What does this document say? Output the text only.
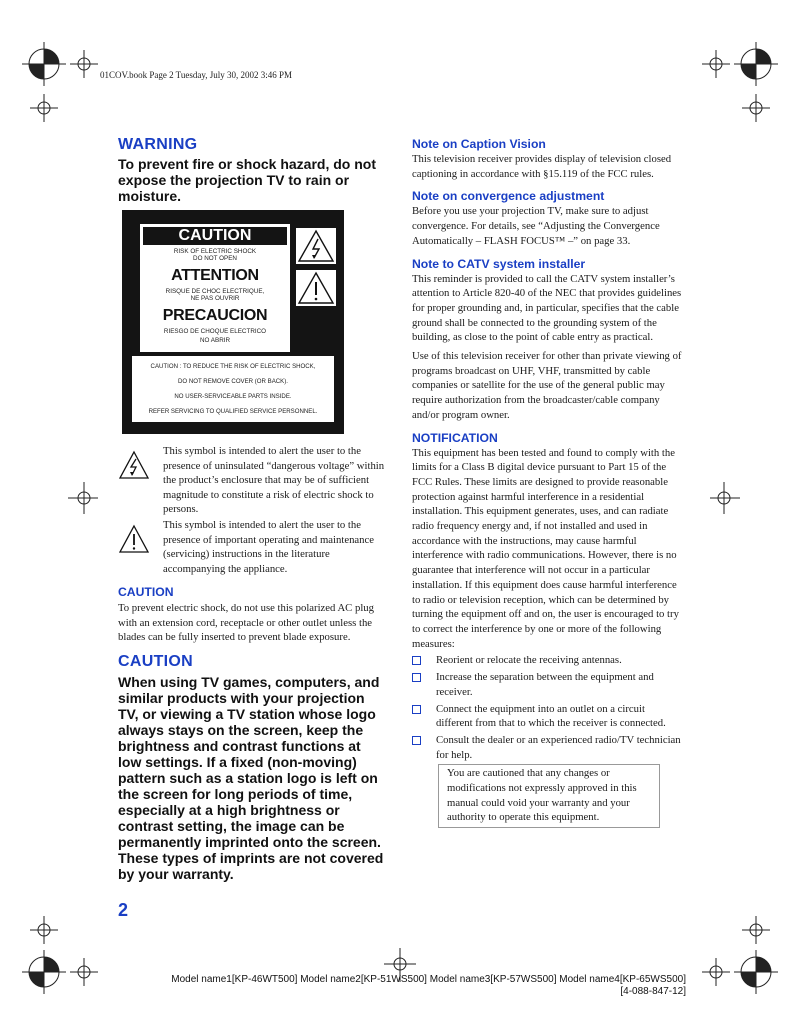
01COV.book Page 2 Tuesday, July 30, 2002 3:46 PM

WARNING

To prevent fire or shock hazard, do not expose the projection TV to rain or moisture.

CAUTION
RISK OF ELECTRIC SHOCK
DO NOT OPEN
ATTENTION
RISQUE DE CHOC ELECTRIQUE,
NE PAS OUVRIR
PRECAUCION
RIESGO DE CHOQUE ELECTRICO
NO ABRIR
CAUTION : TO REDUCE THE RISK OF ELECTRIC SHOCK,
DO NOT REMOVE COVER (OR BACK).
NO USER-SERVICEABLE PARTS INSIDE.
REFER SERVICING TO QUALIFIED SERVICE PERSONNEL.
This symbol is intended to alert the user to the presence of uninsulated “dangerous voltage” within the product’s enclosure that may be of sufficient magnitude to constitute a risk of electric shock to persons.
This symbol is intended to alert the user to the presence of important operating and maintenance (servicing) instructions in the literature accompanying the appliance.

CAUTION

To prevent electric shock, do not use this polarized AC plug with an extension cord, receptacle or other outlet unless the blades can be fully inserted to prevent blade exposure.

CAUTION

When using TV games, computers, and similar products with your projection TV, or viewing a TV station whose logo always stays on the screen, keep the brightness and contrast functions at low settings. If a fixed (non-moving) pattern such as a station logo is left on the screen for long periods of time, especially at a high brightness or contrast setting, the image can be permanently imprinted onto the screen. These types of imprints are not covered by your warranty.

Note on Caption Vision

This television receiver provides display of television closed captioning in accordance with §15.119 of the FCC rules.

Note on convergence adjustment

Before you use your projection TV, make sure to adjust convergence. For details, see “Adjusting the Convergence Automatically – FLASH FOCUS™ –” on page 33.

Note to CATV system installer

This reminder is provided to call the CATV system installer’s attention to Article 820-40 of the NEC that provides guidelines for proper grounding and, in particular, specifies that the cable ground shall be connected to the grounding system of the building, as close to the point of cable entry as practical.

Use of this television receiver for other than private viewing of programs broadcast on UHF, VHF, transmitted by cable companies or satellite for the use of the general public may require authorization from the broadcaster/cable company and/or program owner.

NOTIFICATION

This equipment has been tested and found to comply with the limits for a Class B digital device pursuant to Part 15 of the FCC Rules. These limits are designed to provide reasonable protection against harmful interference in a residential installation. This equipment generates, uses, and can radiate radio frequency energy and, if not installed and used in accordance with the instructions, may cause harmful interference with radio communications. However, there is no guarantee that interference will not occur in a particular installation. If this equipment does cause harmful interference to radio or television reception, which can be determined by turning the equipment off and on, the user is encouraged to try to correct the interference by one or more of the following measures:

Reorient or relocate the receiving antennas.
Increase the separation between the equipment and receiver.
Connect the equipment into an outlet on a circuit different from that to which the receiver is connected.
Consult the dealer or an experienced radio/TV technician for help.
You are cautioned that any changes or modifications not expressly approved in this manual could void your warranty and your authority to operate this equipment.
2
Model name1[KP-46WT500] Model name2[KP-51WS500] Model name3[KP-57WS500] Model name4[KP-65WS500]
[4-088-847-12]
